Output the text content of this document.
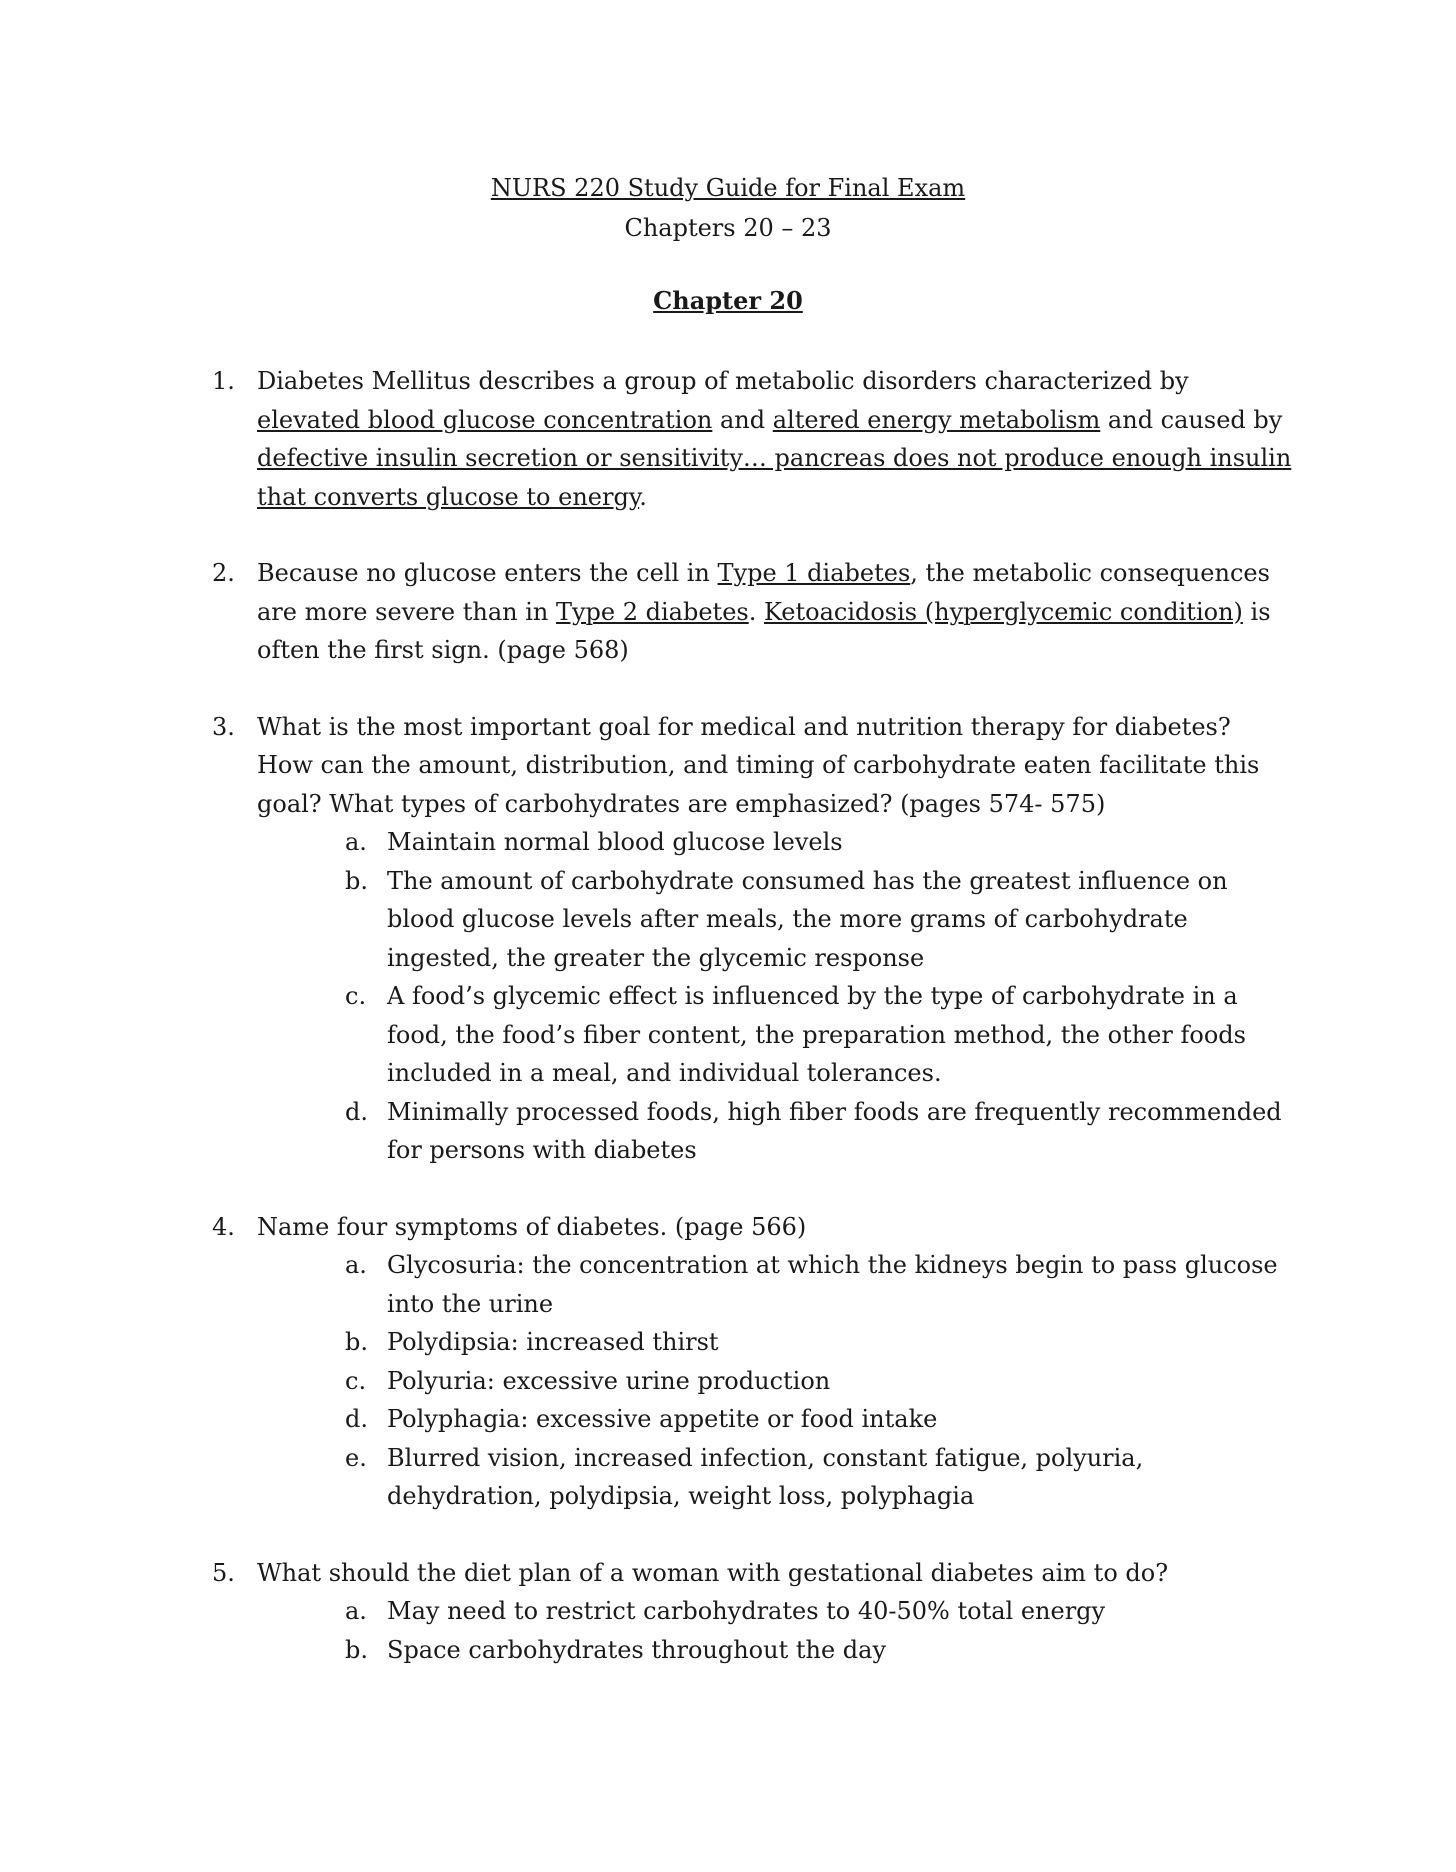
NURS 220 Study Guide for Final Exam
Chapters 20 – 23
Chapter 20
1. Diabetes Mellitus describes a group of metabolic disorders characterized by elevated blood glucose concentration and altered energy metabolism and caused by defective insulin secretion or sensitivity… pancreas does not produce enough insulin that converts glucose to energy.
2. Because no glucose enters the cell in Type 1 diabetes, the metabolic consequences are more severe than in Type 2 diabetes. Ketoacidosis (hyperglycemic condition) is often the first sign. (page 568)
3. What is the most important goal for medical and nutrition therapy for diabetes? How can the amount, distribution, and timing of carbohydrate eaten facilitate this goal? What types of carbohydrates are emphasized? (pages 574- 575)
a. Maintain normal blood glucose levels
b. The amount of carbohydrate consumed has the greatest influence on blood glucose levels after meals, the more grams of carbohydrate ingested, the greater the glycemic response
c. A food’s glycemic effect is influenced by the type of carbohydrate in a food, the food’s fiber content, the preparation method, the other foods included in a meal, and individual tolerances.
d. Minimally processed foods, high fiber foods are frequently recommended for persons with diabetes
4. Name four symptoms of diabetes. (page 566)
a. Glycosuria: the concentration at which the kidneys begin to pass glucose into the urine
b. Polydipsia: increased thirst
c. Polyuria: excessive urine production
d. Polyphagia: excessive appetite or food intake
e. Blurred vision, increased infection, constant fatigue, polyuria, dehydration, polydipsia, weight loss, polyphagia
5. What should the diet plan of a woman with gestational diabetes aim to do?
a. May need to restrict carbohydrates to 40-50% total energy
b. Space carbohydrates throughout the day
